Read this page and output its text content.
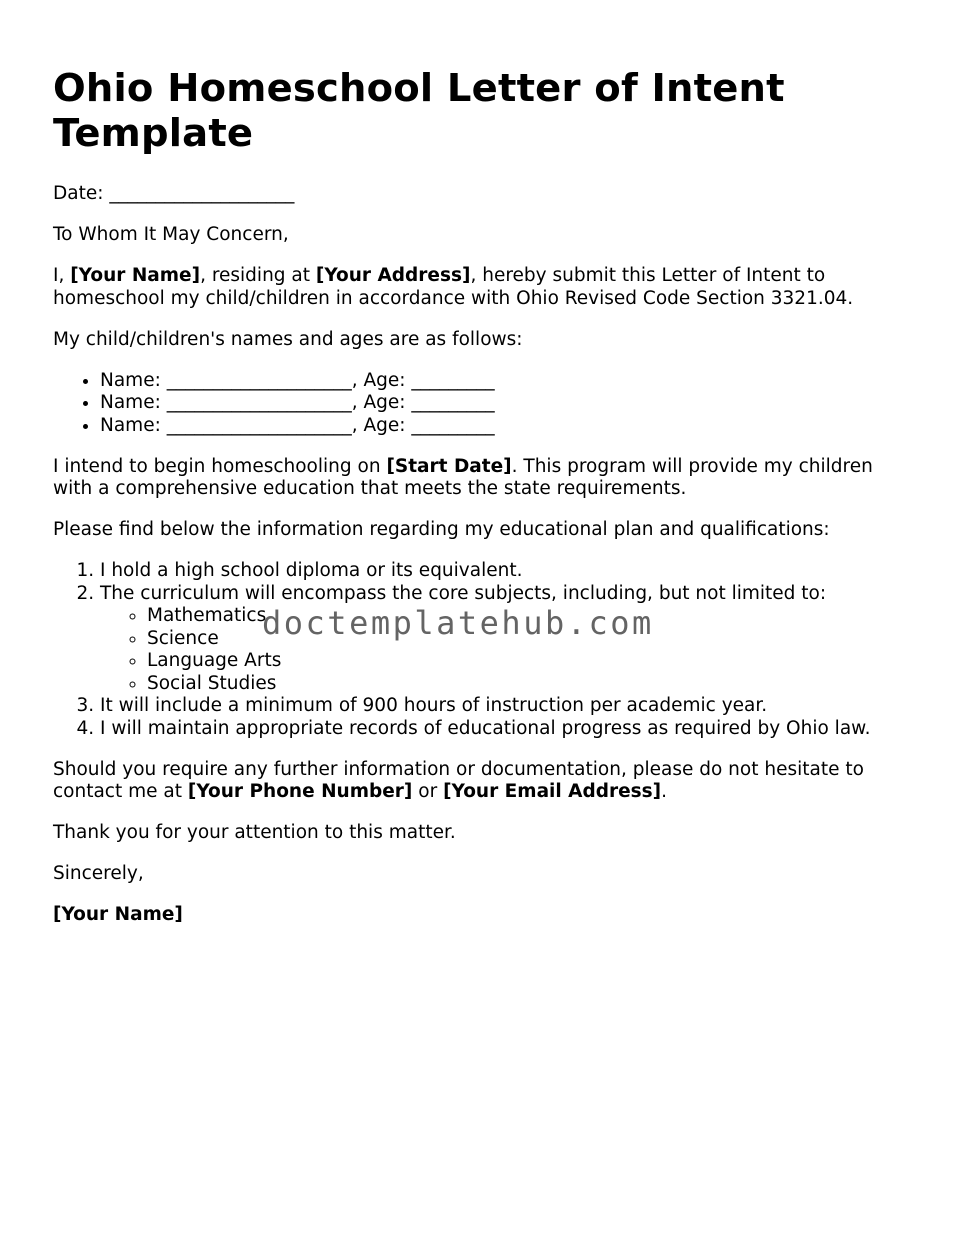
Ohio Homeschool Letter of Intent Template

Date: ____________________

To Whom It May Concern,

I, [Your Name], residing at [Your Address], hereby submit this Letter of Intent to homeschool my child/children in accordance with Ohio Revised Code Section 3321.04.

My child/children's names and ages are as follows:

• Name: ____________________, Age: _________
• Name: ____________________, Age: _________
• Name: ____________________, Age: _________

I intend to begin homeschooling on [Start Date]. This program will provide my children with a comprehensive education that meets the state requirements.

Please find below the information regarding my educational plan and qualifications:

1. I hold a high school diploma or its equivalent.
2. The curriculum will encompass the core subjects, including, but not limited to:
◦ Mathematics
◦ Science
◦ Language Arts
◦ Social Studies
3. It will include a minimum of 900 hours of instruction per academic year.
4. I will maintain appropriate records of educational progress as required by Ohio law.

Should you require any further information or documentation, please do not hesitate to contact me at [Your Phone Number] or [Your Email Address].

Thank you for your attention to this matter.

Sincerely,

[Your Name]

doctemplatehub.com
